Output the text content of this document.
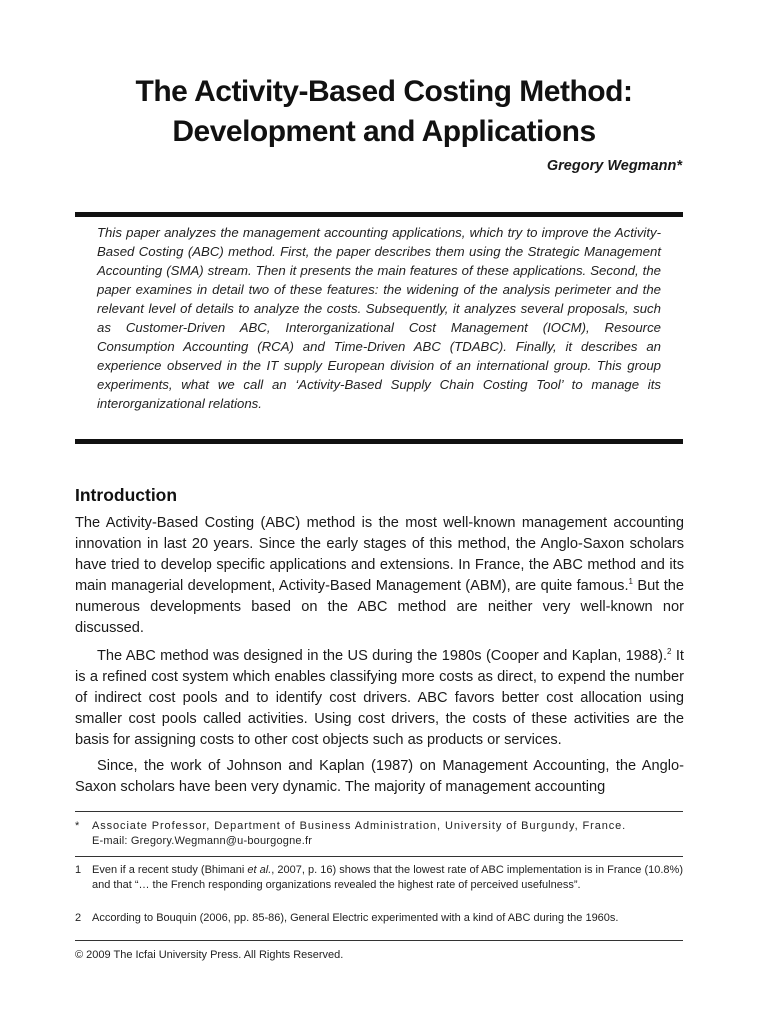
The Activity-Based Costing Method:
Development and Applications
Gregory Wegmann*
This paper analyzes the management accounting applications, which try to improve the Activity-Based Costing (ABC) method. First, the paper describes them using the Strategic Management Accounting (SMA) stream. Then it presents the main features of these applications. Second, the paper examines in detail two of these features: the widening of the analysis perimeter and the relevant level of details to analyze the costs. Subsequently, it analyzes several proposals, such as Customer-Driven ABC, Interorganizational Cost Management (IOCM), Resource Consumption Accounting (RCA) and Time-Driven ABC (TDABC). Finally, it describes an experience observed in the IT supply European division of an international group. This group experiments, what we call an ‘Activity-Based Supply Chain Costing Tool’ to manage its interorganizational relations.
Introduction

The Activity-Based Costing (ABC) method is the most well-known management accounting innovation in last 20 years. Since the early stages of this method, the Anglo-Saxon scholars have tried to develop specific applications and extensions. In France, the ABC method and its main managerial development, Activity-Based Management (ABM), are quite famous.$^1$ But the numerous developments based on the ABC method are neither very well-known nor discussed.

The ABC method was designed in the US during the 1980s (Cooper and Kaplan, 1988).$^2$ It is a refined cost system which enables classifying more costs as direct, to expend the number of indirect cost pools and to identify cost drivers. ABC favors better cost allocation using smaller cost pools called activities. Using cost drivers, the costs of these activities are the basis for assigning costs to other cost objects such as products or services.

Since, the work of Johnson and Kaplan (1987) on Management Accounting, the Anglo-Saxon scholars have been very dynamic. The majority of management accounting

* Associate Professor, Department of Business Administration, University of Burgundy, France.
E-mail: Gregory.Wegmann@u-bourgogne.fr
1 Even if a recent study (Bhimani et al., 2007, p. 16) shows that the lowest rate of ABC implementation is in France (10.8%) and that “… the French responding organizations revealed the highest rate of perceived usefulness”.
2 According to Bouquin (2006, pp. 85-86), General Electric experimented with a kind of ABC during the 1960s.
© 2009 The Icfai University Press. All Rights Reserved.
